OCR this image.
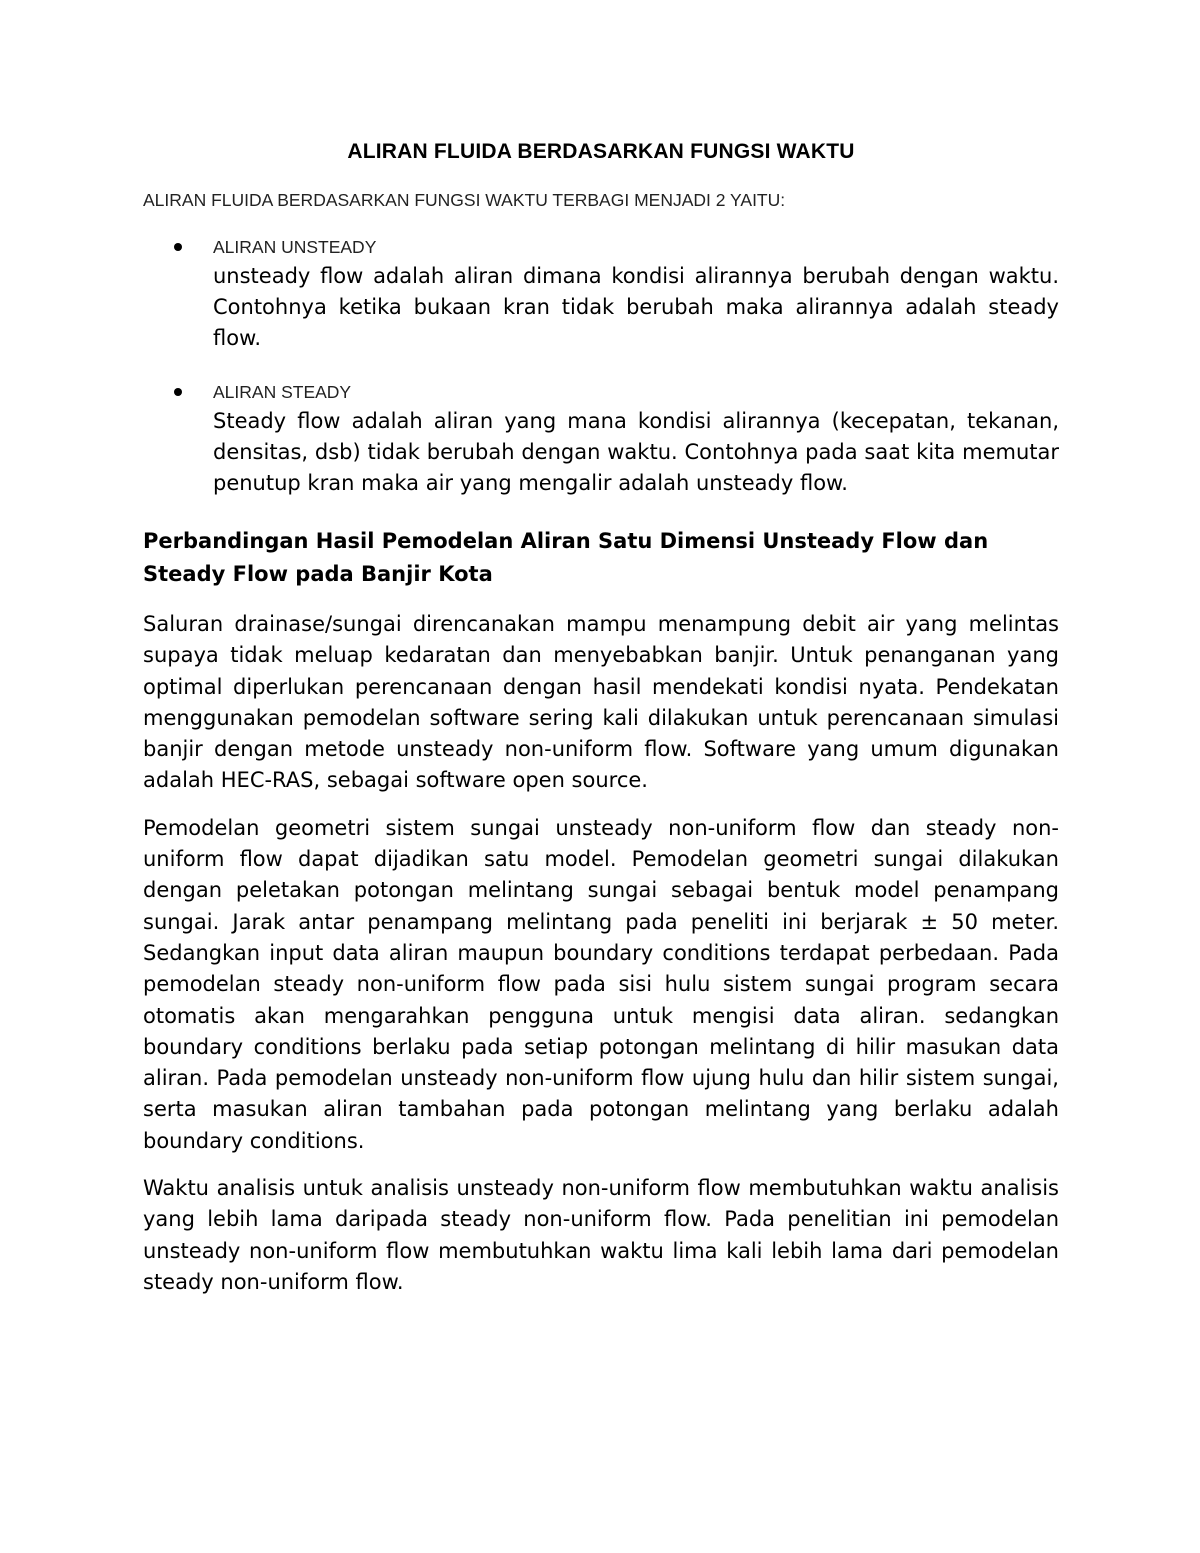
ALIRAN FLUIDA BERDASARKAN FUNGSI WAKTU

ALIRAN FLUIDA BERDASARKAN FUNGSI WAKTU TERBAGI MENJADI 2 YAITU:

ALIRAN UNSTEADY

unsteady flow adalah aliran dimana kondisi alirannya berubah dengan waktu. Contohnya ketika bukaan kran tidak berubah maka alirannya adalah steady flow.

ALIRAN STEADY

Steady flow adalah aliran yang mana kondisi alirannya (kecepatan, tekanan, densitas, dsb) tidak berubah dengan waktu. Contohnya pada saat kita memutar penutup kran maka air yang mengalir adalah unsteady flow.

Perbandingan Hasil Pemodelan Aliran Satu Dimensi Unsteady Flow dan Steady Flow pada Banjir Kota

Saluran drainase/sungai direncanakan mampu menampung debit air yang melintas supaya tidak meluap kedaratan dan menyebabkan banjir. Untuk penanganan yang optimal diperlukan perencanaan dengan hasil mendekati kondisi nyata. Pendekatan menggunakan pemodelan software sering kali dilakukan untuk perencanaan simulasi banjir dengan metode unsteady non-uniform flow. Software yang umum digunakan adalah HEC-RAS, sebagai software open source.

Pemodelan geometri sistem sungai unsteady non-uniform flow dan steady non-uniform flow dapat dijadikan satu model. Pemodelan geometri sungai dilakukan dengan peletakan potongan melintang sungai sebagai bentuk model penampang sungai. Jarak antar penampang melintang pada peneliti ini berjarak ± 50 meter. Sedangkan input data aliran maupun boundary conditions terdapat perbedaan. Pada pemodelan steady non-uniform flow pada sisi hulu sistem sungai program secara otomatis akan mengarahkan pengguna untuk mengisi data aliran. sedangkan boundary conditions berlaku pada setiap potongan melintang di hilir masukan data aliran. Pada pemodelan unsteady non-uniform flow ujung hulu dan hilir sistem sungai, serta masukan aliran tambahan pada potongan melintang yang berlaku adalah boundary conditions.

Waktu analisis untuk analisis unsteady non-uniform flow membutuhkan waktu analisis yang lebih lama daripada steady non-uniform flow. Pada penelitian ini pemodelan unsteady non-uniform flow membutuhkan waktu lima kali lebih lama dari pemodelan steady non-uniform flow.
